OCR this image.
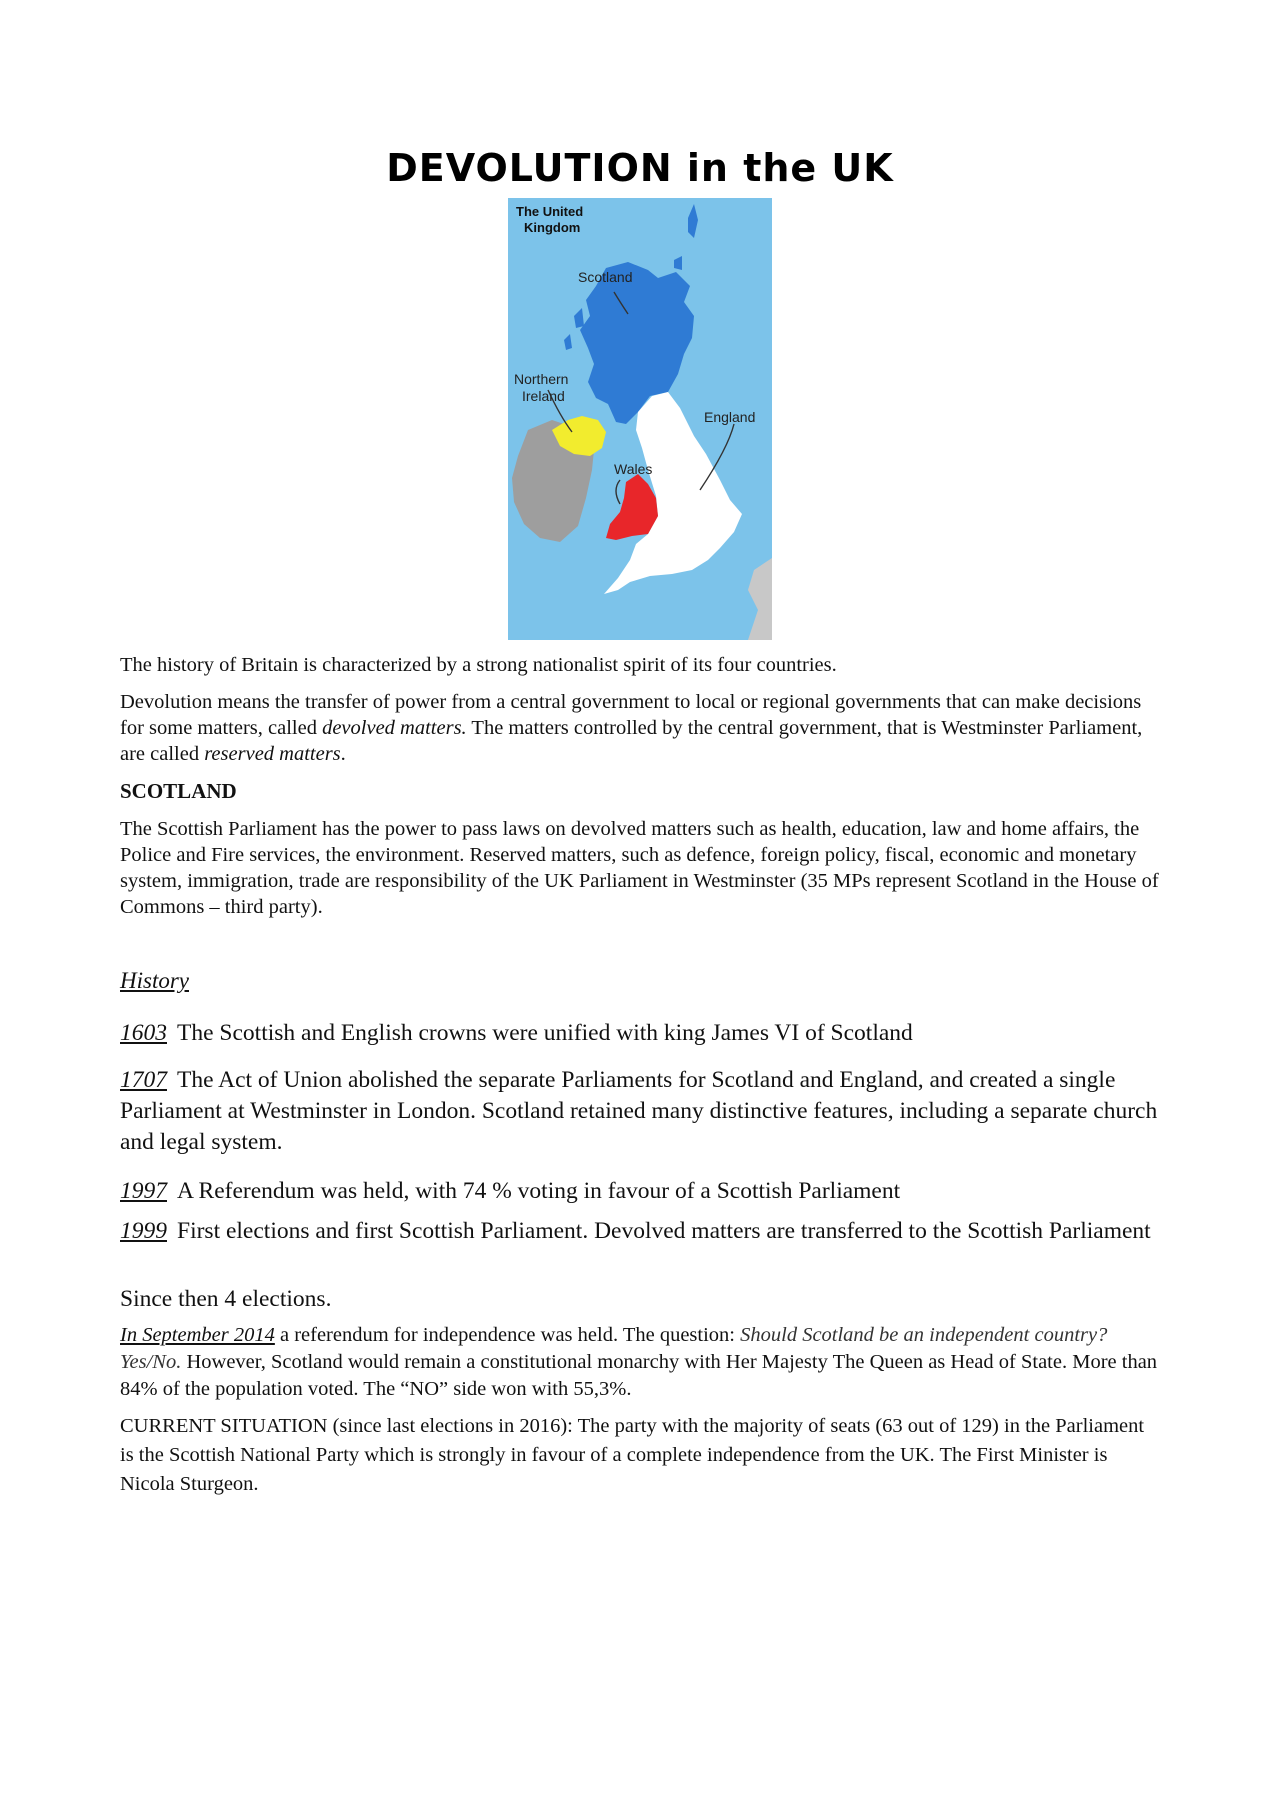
DEVOLUTION in the UK
The United
Kingdom
Scotland
Northern
Ireland
England
Wales
The history of Britain is characterized by a strong nationalist spirit of its four countries.
Devolution means the transfer of power from a central government to local or regional governments that can make decisions for some matters, called devolved matters. The matters controlled by the central government, that is Westminster Parliament, are called reserved matters.
SCOTLAND
The Scottish Parliament has the power to pass laws on devolved matters such as health, education, law and home affairs, the Police and Fire services, the environment. Reserved matters, such as defence, foreign policy, fiscal, economic and monetary system, immigration, trade are responsibility of the UK Parliament in Westminster (35 MPs represent Scotland in the House of Commons – third party).
History
1603 The Scottish and English crowns were unified with king James VI of Scotland
1707 The Act of Union abolished the separate Parliaments for Scotland and England, and created a single Parliament at Westminster in London. Scotland retained many distinctive features, including a separate church and legal system.
1997 A Referendum was held, with 74 % voting in favour of a Scottish Parliament
1999 First elections and first Scottish Parliament. Devolved matters are transferred to the Scottish Parliament
Since then 4 elections.
In September 2014 a referendum for independence was held. The question: Should Scotland be an independent country? Yes/No. However, Scotland would remain a constitutional monarchy with Her Majesty The Queen as Head of State. More than 84% of the population voted. The “NO” side won with 55,3%.
CURRENT SITUATION (since last elections in 2016): The party with the majority of seats (63 out of 129) in the Parliament is the Scottish National Party which is strongly in favour of a complete independence from the UK. The First Minister is Nicola Sturgeon.
